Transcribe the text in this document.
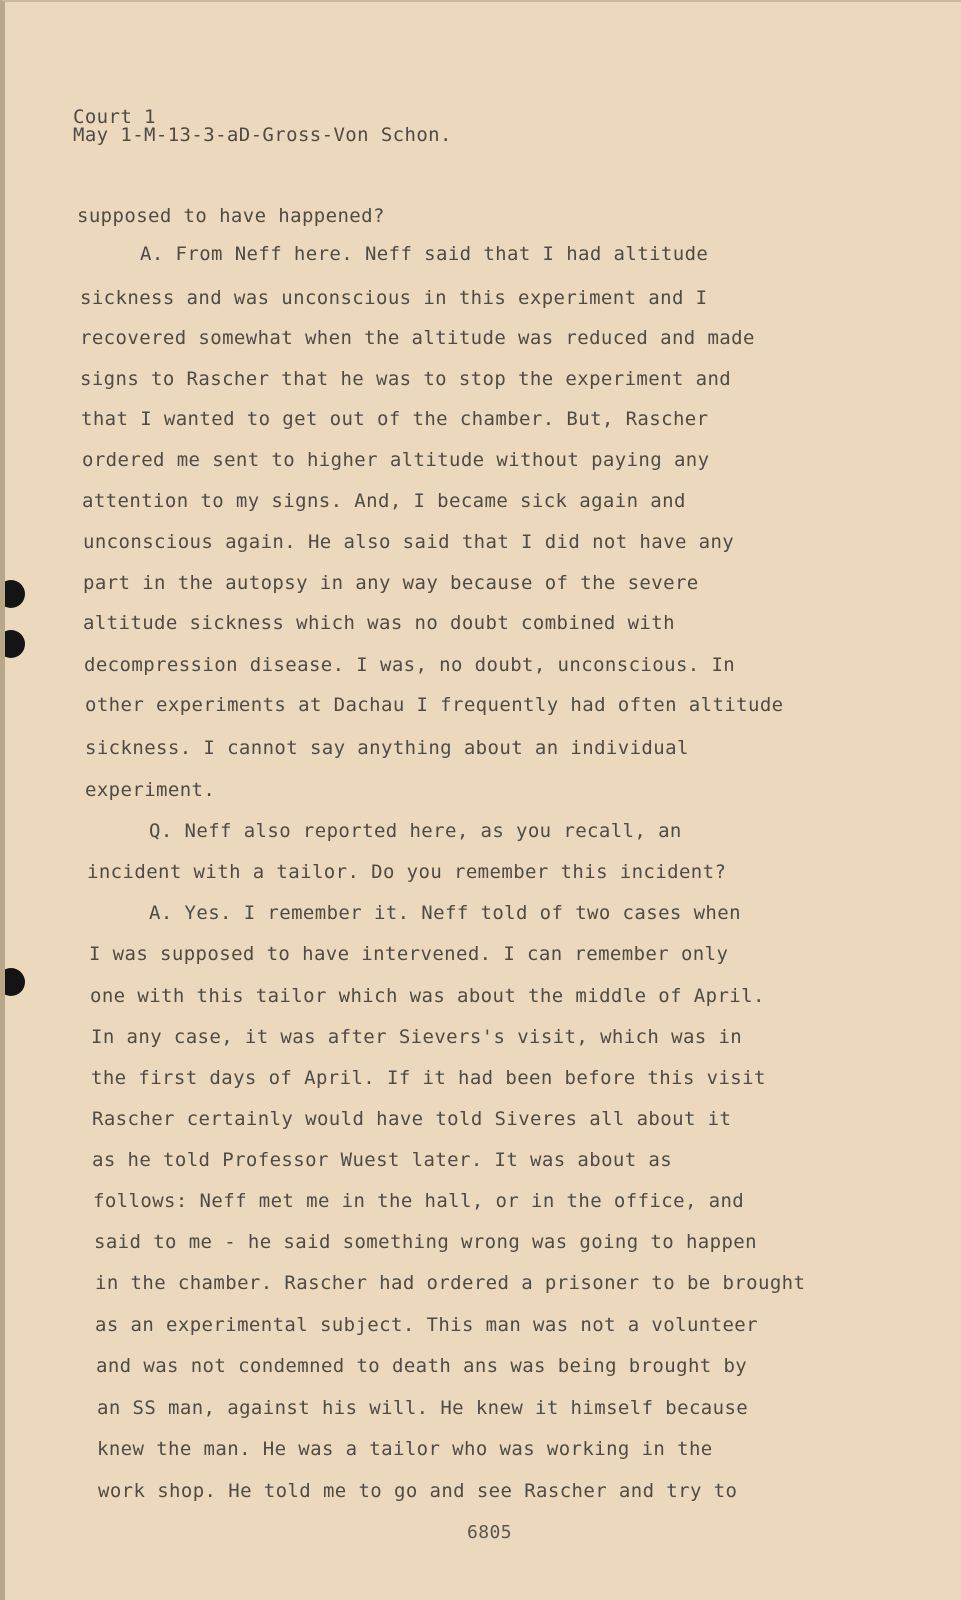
Court 1
May 1-M-13-3-aD-Gross-Von Schon.
supposed to have happened?
A. From Neff here. Neff said that I had altitude
sickness and was unconscious in this experiment and I
recovered somewhat when the altitude was reduced and made
signs to Rascher that he was to stop the experiment and
that I wanted to get out of the chamber. But, Rascher
ordered me sent to higher altitude without paying any
attention to my signs. And, I became sick again and
unconscious again. He also said that I did not have any
part in the autopsy in any way because of the severe
altitude sickness which was no doubt combined with
decompression disease. I was, no doubt, unconscious. In
other experiments at Dachau I frequently had often altitude
sickness. I cannot say anything about an individual
experiment.
Q. Neff also reported here, as you recall, an
incident with a tailor. Do you remember this incident?
A. Yes. I remember it. Neff told of two cases when
I was supposed to have intervened. I can remember only
one with this tailor which was about the middle of April.
In any case, it was after Sievers's visit, which was in
the first days of April. If it had been before this visit
Rascher certainly would have told Siveres all about it
as he told Professor Wuest later. It was about as
follows: Neff met me in the hall, or in the office, and
said to me - he said something wrong was going to happen
in the chamber. Rascher had ordered a prisoner to be brought
as an experimental subject. This man was not a volunteer
and was not condemned to death ans was being brought by
an SS man, against his will. He knew it himself because
knew the man. He was a tailor who was working in the
work shop. He told me to go and see Rascher and try to
6805
